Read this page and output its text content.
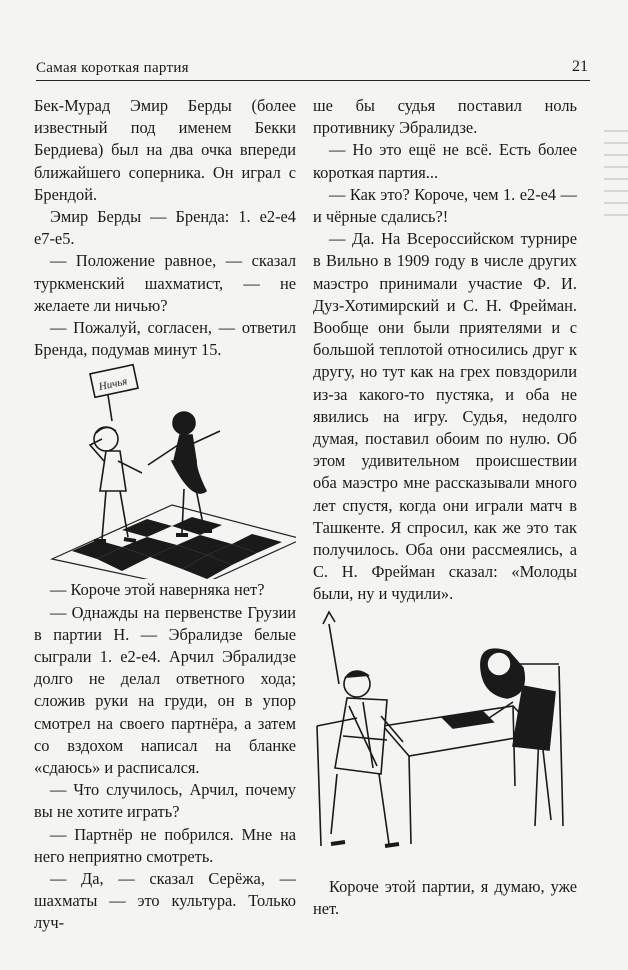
Самая короткая партия	21

Бек-Мурад Эмир Берды (более известный под именем Бекки Бердиева) был на два очка впереди ближайшего соперника. Он играл с Брендой.

Эмир Берды — Бренда: 1. e2-e4 e7-e5.

— Положение равное, — сказал туркменский шахматист, — не желаете ли ничью?

— Пожалуй, согласен, — ответил Бренда, подумав минут 15.

Ничья

— Короче этой наверняка нет?

— Однажды на первенстве Грузии в партии Н. — Эбралидзе белые сыграли 1. e2-e4. Арчил Эбралидзе долго не делал ответного хода; сложив руки на груди, он в упор смотрел на своего партнёра, а затем со вздохом написал на бланке «сдаюсь» и расписался.

— Что случилось, Арчил, почему вы не хотите играть?

— Партнёр не побрился. Мне на него неприятно смотреть.

— Да, — сказал Серёжа, — шахматы — это культура. Только луч-

ше бы судья поставил ноль противнику Эбралидзе.

— Но это ещё не всё. Есть более короткая партия...

— Как это? Короче, чем 1. e2-e4 — и чёрные сдались?!

— Да. На Всероссийском турнире в Вильно в 1909 году в числе других маэстро принимали участие Ф. И. Дуз-Хотимирский и С. Н. Фрейман. Вообще они были приятелями и с большой теплотой относились друг к другу, но тут как на грех повздорили из-за какого-то пустяка, и оба не явились на игру. Судья, недолго думая, поставил обоим по нулю. Об этом удивительном происшествии оба маэстро мне рассказывали много лет спустя, когда они играли матч в Ташкенте. Я спросил, как же это так получилось. Оба они рассмеялись, а С. Н. Фрейман сказал: «Молоды были, ну и чудили».

Короче этой партии, я думаю, уже нет.
